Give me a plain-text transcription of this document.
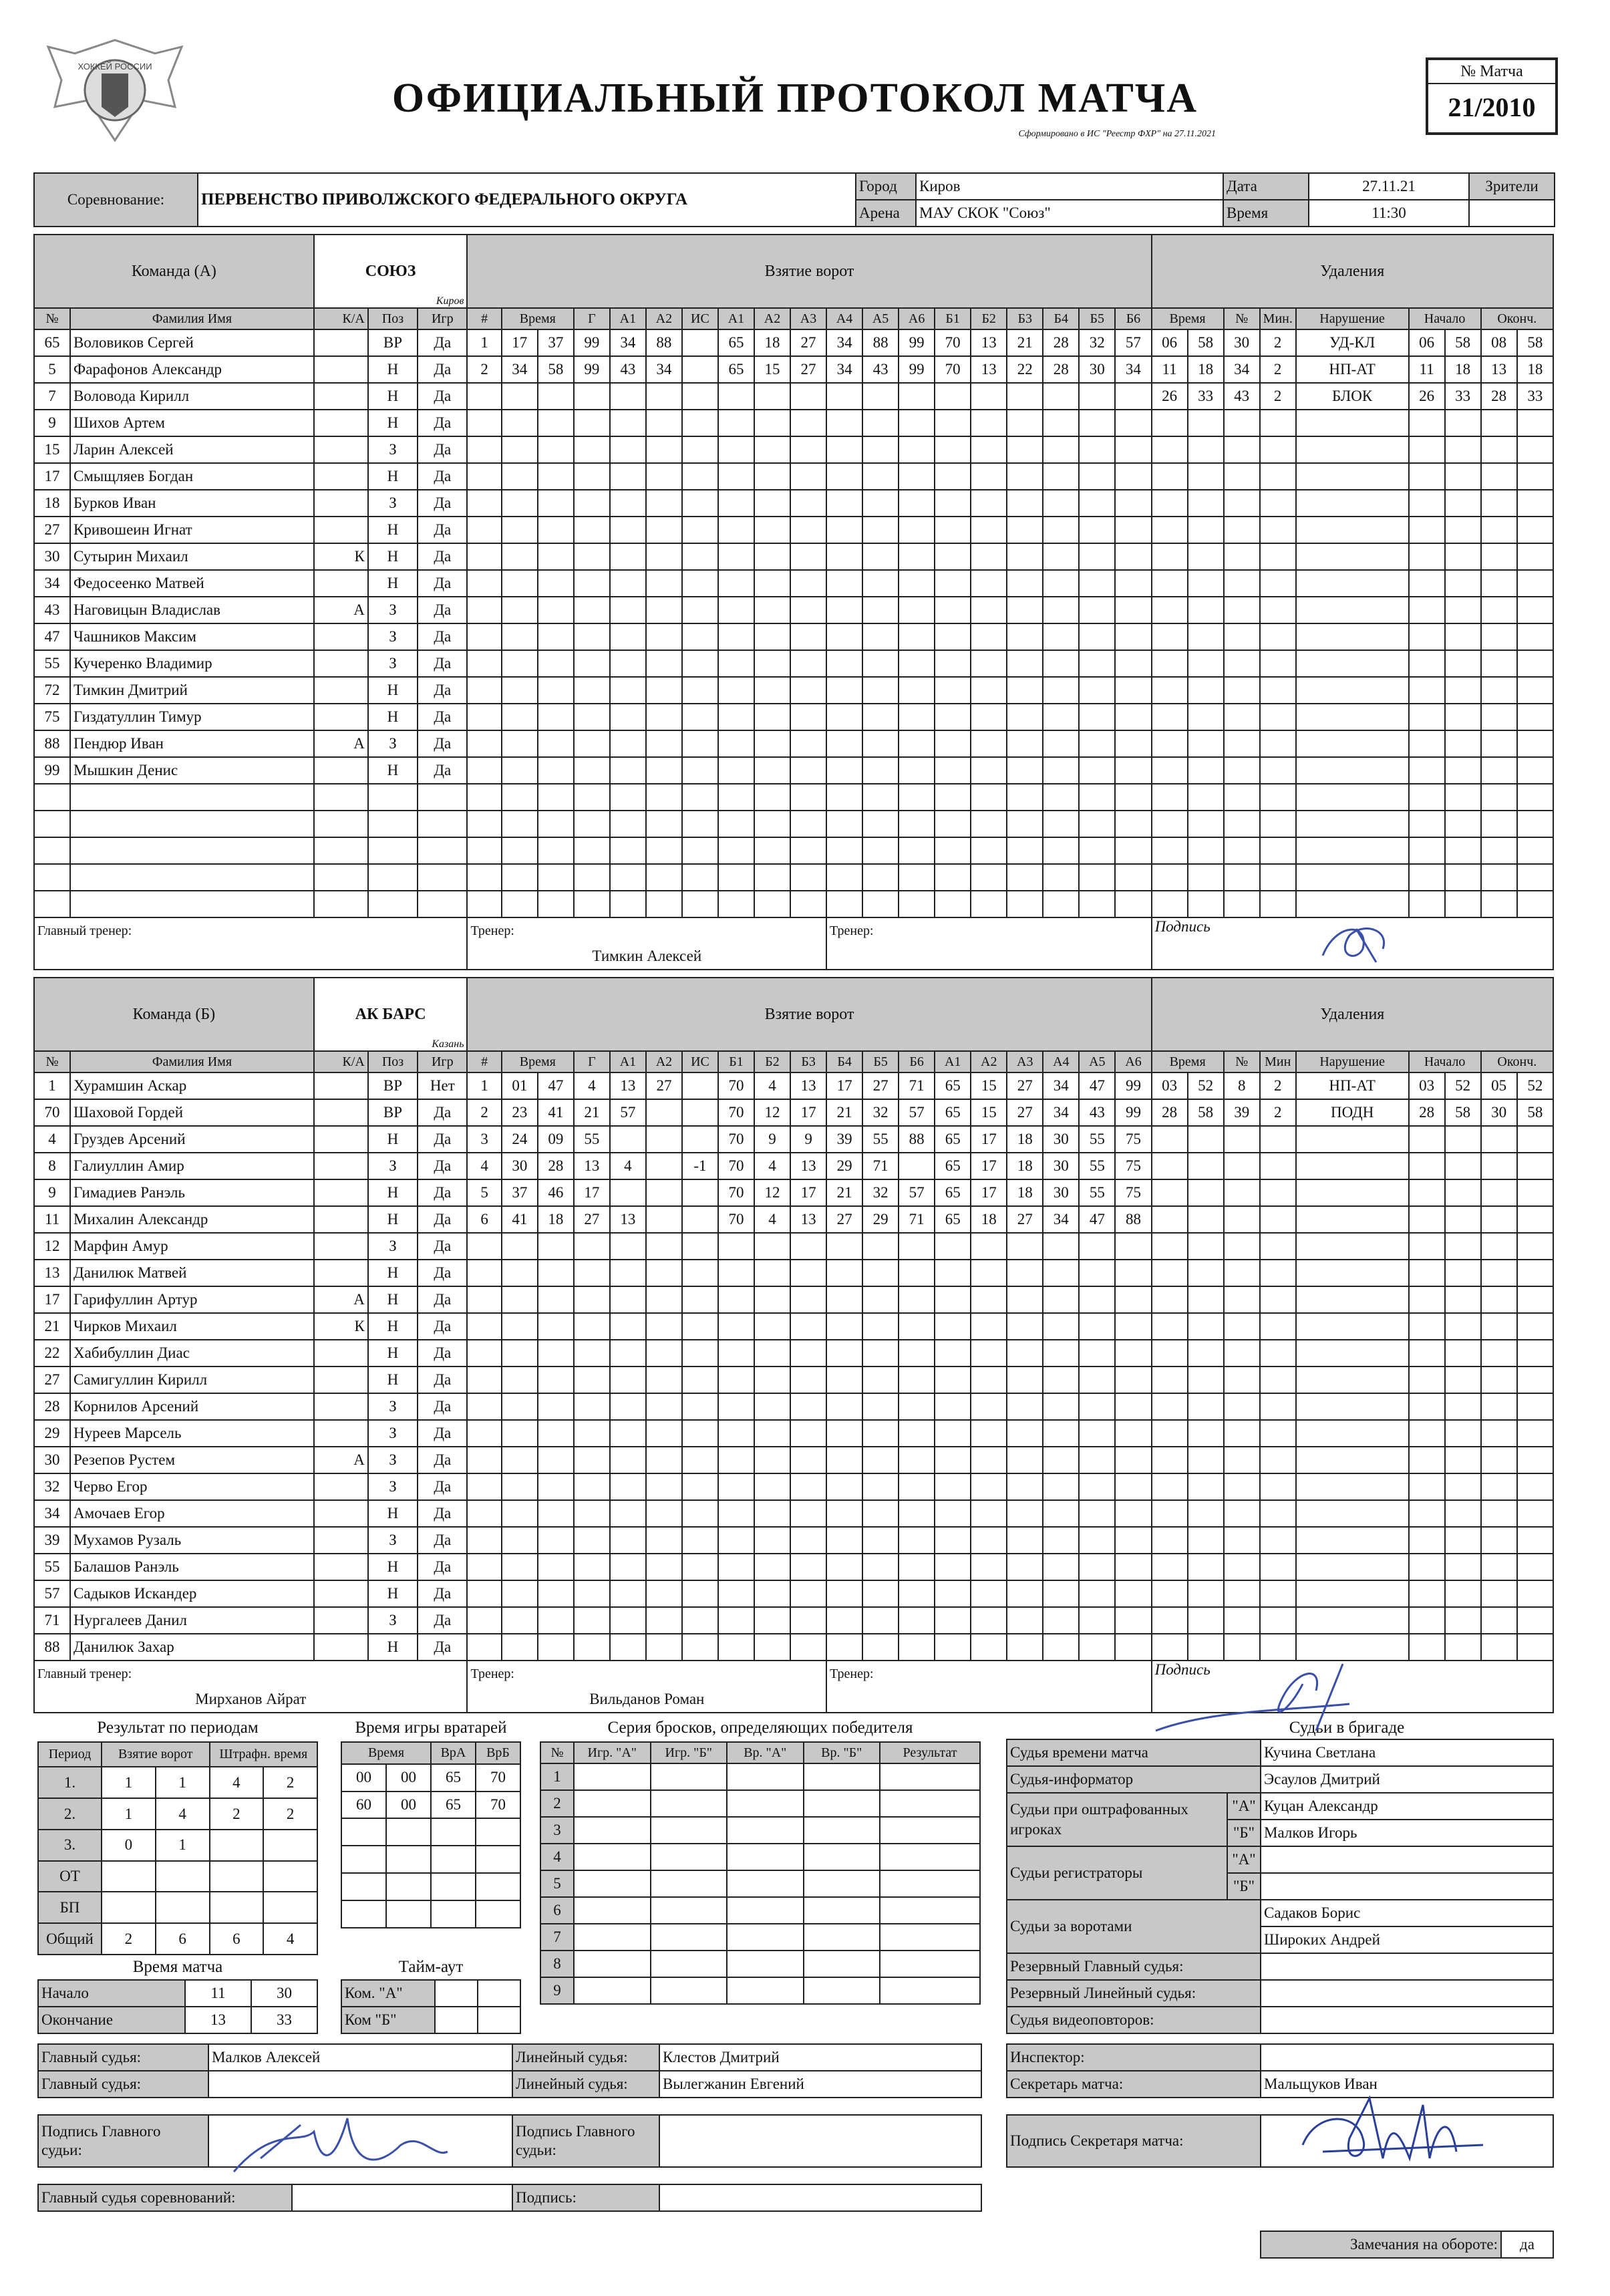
ХОККЕЙ РОССИИ
ОФИЦИАЛЬНЫЙ ПРОТОКОЛ МАТЧА
Сформировано в ИС "Реестр ФХР" на 27.11.2021
№ Матча
21/2010
Соревнование:	ПЕРВЕНСТВО ПРИВОЛЖСКОГО ФЕДЕРАЛЬНОГО ОКРУГА	Город	Киров	Дата	27.11.21	Зрители
		Арена	МАУ СКОК "Союз"	Время	11:30	
Команда (А)		СОЮЗ
Киров			Взятие ворот																			Удаления								
№	Фамилия Имя	К/А	Поз	Игр	#	Время		Г	А1	А2	ИС	А1	А2	А3	А4	А5	А6	Б1	Б2	Б3	Б4	Б5	Б6	Время		№	Мин.	Нарушение	Начало		Оконч.	
65	Воловиков Сергей		ВР	Да	1	17	37	99	34	88		65	18	27	34	88	99	70	13	21	28	32	57	06	58	30	2	УД-КЛ	06	58	08	58
5	Фарафонов Александр		Н	Да	2	34	58	99	43	34		65	15	27	34	43	99	70	13	22	28	30	34	11	18	34	2	НП-АТ	11	18	13	18
7	Воловода Кирилл		Н	Да																				26	33	43	2	БЛОК	26	33	28	33
9	Шихов Артем		Н	Да																												
15	Ларин Алексей		З	Да																												
17	Смыщляев Богдан		Н	Да																												
18	Бурков Иван		З	Да																												
27	Кривошеин Игнат		Н	Да																												
30	Сутырин Михаил	К	Н	Да																												
34	Федосеенко Матвей		Н	Да																												
43	Наговицын Владислав	А	З	Да																												
47	Чашников Максим		З	Да																												
55	Кучеренко Владимир		З	Да																												
72	Тимкин Дмитрий		Н	Да																												
75	Гиздатуллин Тимур		Н	Да																												
88	Пендюр Иван	А	З	Да																												
99	Мышкин Денис		Н	Да																												

Главный тренер:					Тренер:										Тренер:									Подпись								
					Тимкин Алексей																											
Команда (Б)		АК БАРС
Казань			Взятие ворот																			Удаления								
№	Фамилия Имя	К/А	Поз	Игр	#	Время		Г	А1	А2	ИС	Б1	Б2	Б3	Б4	Б5	Б6	А1	А2	А3	А4	А5	А6	Время		№	Мин	Нарушение	Начало		Оконч.	
1	Хурамшин Аскар		ВР	Нет	1	01	47	4	13	27		70	4	13	17	27	71	65	15	27	34	47	99	03	52	8	2	НП-АТ	03	52	05	52
70	Шаховой Гордей		ВР	Да	2	23	41	21	57			70	12	17	21	32	57	65	15	27	34	43	99	28	58	39	2	ПОДН	28	58	30	58
4	Груздев Арсений		Н	Да	3	24	09	55				70	9	9	39	55	88	65	17	18	30	55	75									
8	Галиуллин Амир		З	Да	4	30	28	13	4		-1	70	4	13	29	71		65	17	18	30	55	75									
9	Гимадиев Ранэль		Н	Да	5	37	46	17				70	12	17	21	32	57	65	17	18	30	55	75									
11	Михалин Александр		Н	Да	6	41	18	27	13			70	4	13	27	29	71	65	18	27	34	47	88									
12	Марфин Амур		З	Да																												
13	Данилюк Матвей		Н	Да																												
17	Гарифуллин Артур	А	Н	Да																												
21	Чирков Михаил	К	Н	Да																												
22	Хабибуллин Диас		Н	Да																												
27	Самигуллин Кирилл		Н	Да																												
28	Корнилов Арсений		З	Да																												
29	Нуреев Марсель		З	Да																												
30	Резепов Рустем	А	З	Да																												
32	Черво Егор		З	Да																												
34	Амочаев Егор		Н	Да																												
39	Мухамов Рузаль		З	Да																												
55	Балашов Ранэль		Н	Да																												
57	Садыков Искандер		Н	Да																												
71	Нургалеев Данил		З	Да																												
88	Данилюк Захар		Н	Да																												
Главный тренер:					Тренер:										Тренер:									Подпись								
Мирханов Айрат					Вильданов Роман																											
Результат по периодам
Период	Взятие ворот		Штрафн. время	
1.	1	1	4	2
2.	1	4	2	2
3.	0	1		
ОТ				
БП				
Общий	2	6	6	4
Время матча
Начало	11	30
Окончание	13	33
Время игры вратарей
Время		ВрА	ВрБ
00	00	65	70
60	00	65	70

Тайм-аут
Ком. "А"		
Ком "Б"		
Серия бросков, определяющих победителя
№	Игр. "А"	Игр. "Б"	Вр. "А"	Вр. "Б"	Результат
1					
2					
3					
4					
5					
6					
7					
8					
9					
Судьи в бригаде
Судья времени матча		Кучина Светлана
Судья-информатор		Эсаулов Дмитрий
Судьи при оштрафованных игроках	"А"	Куцан Александр
	"Б"	Малков Игорь
Судьи регистраторы	"А"	
	"Б"	
Судьи за воротами		Садаков Борис
		Широких Андрей
Резервный Главный судья:		
Резервный Линейный судья:		
Судья видеоповторов:		
Главный судья:	Малков Алексей	Линейный судья:	Клестов Дмитрий
Главный судья:		Линейный судья:	Вылегжанин Евгений
Подпись Главного судьи:		Подпись Главного судьи:	

Главный судья соревнований:		Подпись:	
Инспектор:	
Секретарь матча:	Мальщуков Иван
Подпись Секретаря матча:	
Замечания на обороте:	да
